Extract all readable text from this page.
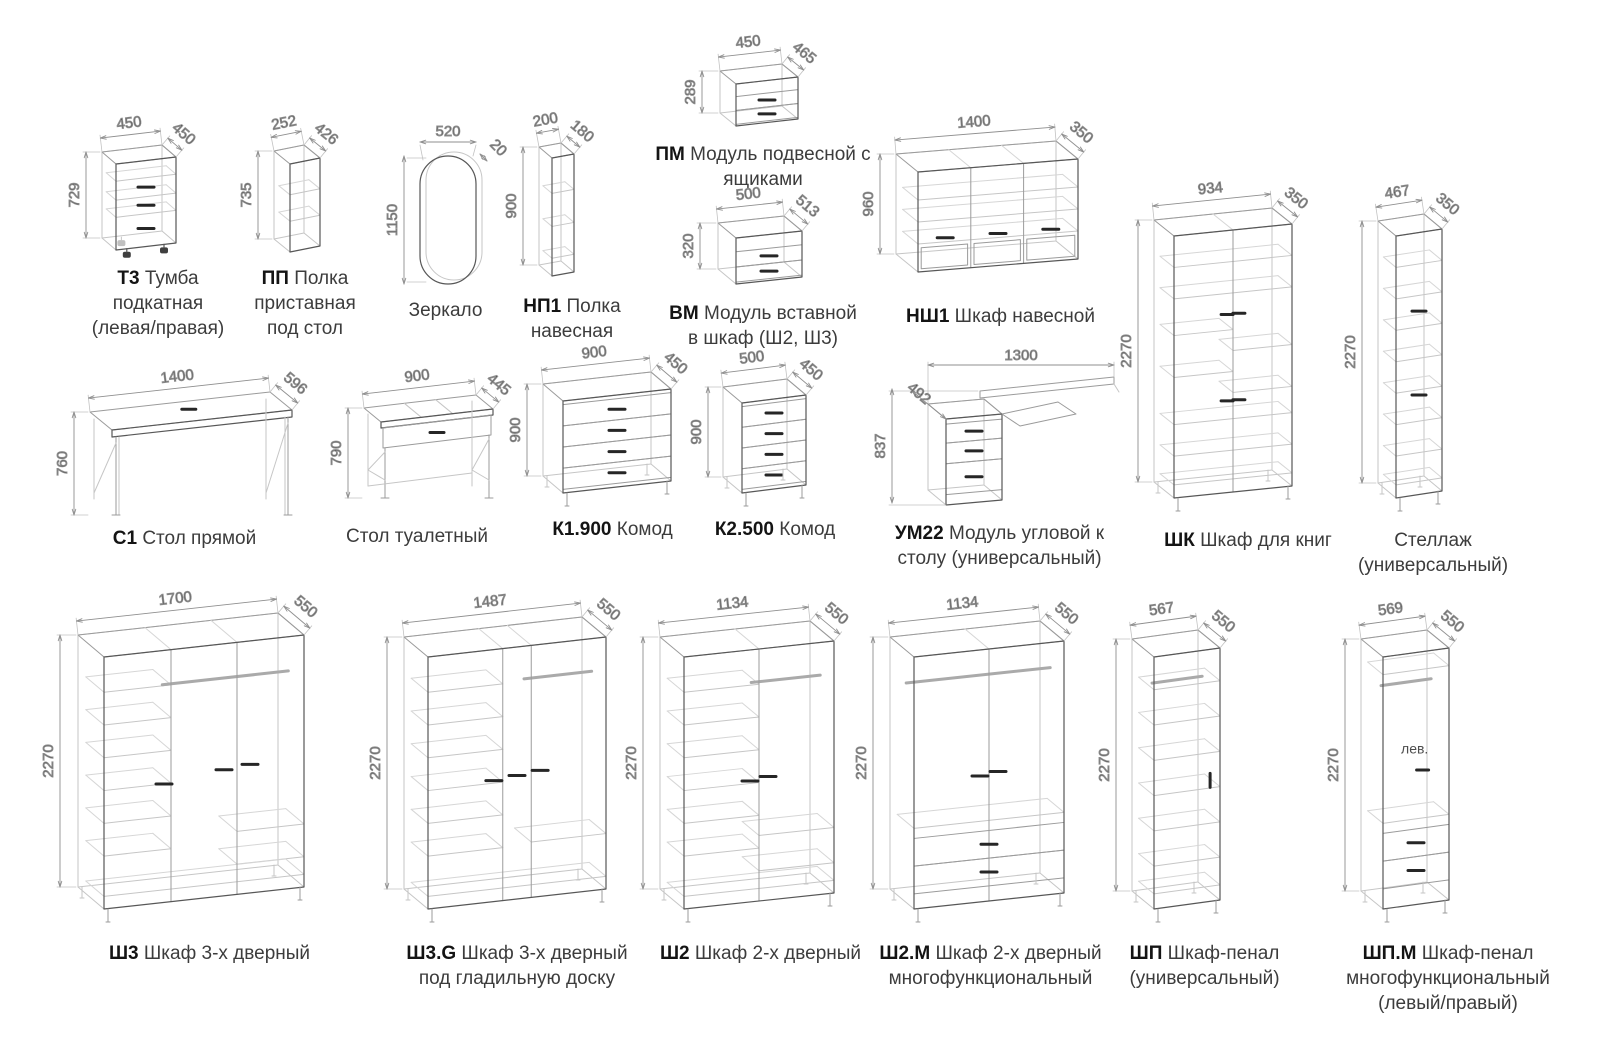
729
450 450
Т3 Тумба подкатная (левая/правая)
735
252 426
ПП Полка приставная под стол
520
1150
20
Зеркало
900
200 180
НП1 Полка навесная
289
450 465
ПМ Модуль подвесной с ящиками
320
500 513
ВМ Модуль вставной в шкаф (Ш2, Ш3)
960
1400	350
НШ1 Шкаф навесной
2270
934	350
ШК Шкаф для книг
2270
467 350
Стеллаж (универсальный)
760
1400	596
С1 Стол прямой
790
900	445
Стол туалетный
900
900	450
К1.900 Комод
900
500 450
К2.500 Комод
1300
837
492
УМ22 Модуль угловой к столу (универсальный)
2270
1700	550
Ш3 Шкаф 3-х дверный
2270
1487	550
Ш3.G Шкаф 3-х дверный под гладильную доску
2270
1134	550
Ш2 Шкаф 2-х дверный
2270
1134	550
Ш2.М Шкаф 2-х дверный многофункциональный
2270
567 550
ШП Шкаф-пенал (универсальный)
лев.
2270
569 550
ШП.М Шкаф-пенал многофункциональный (левый/правый)
